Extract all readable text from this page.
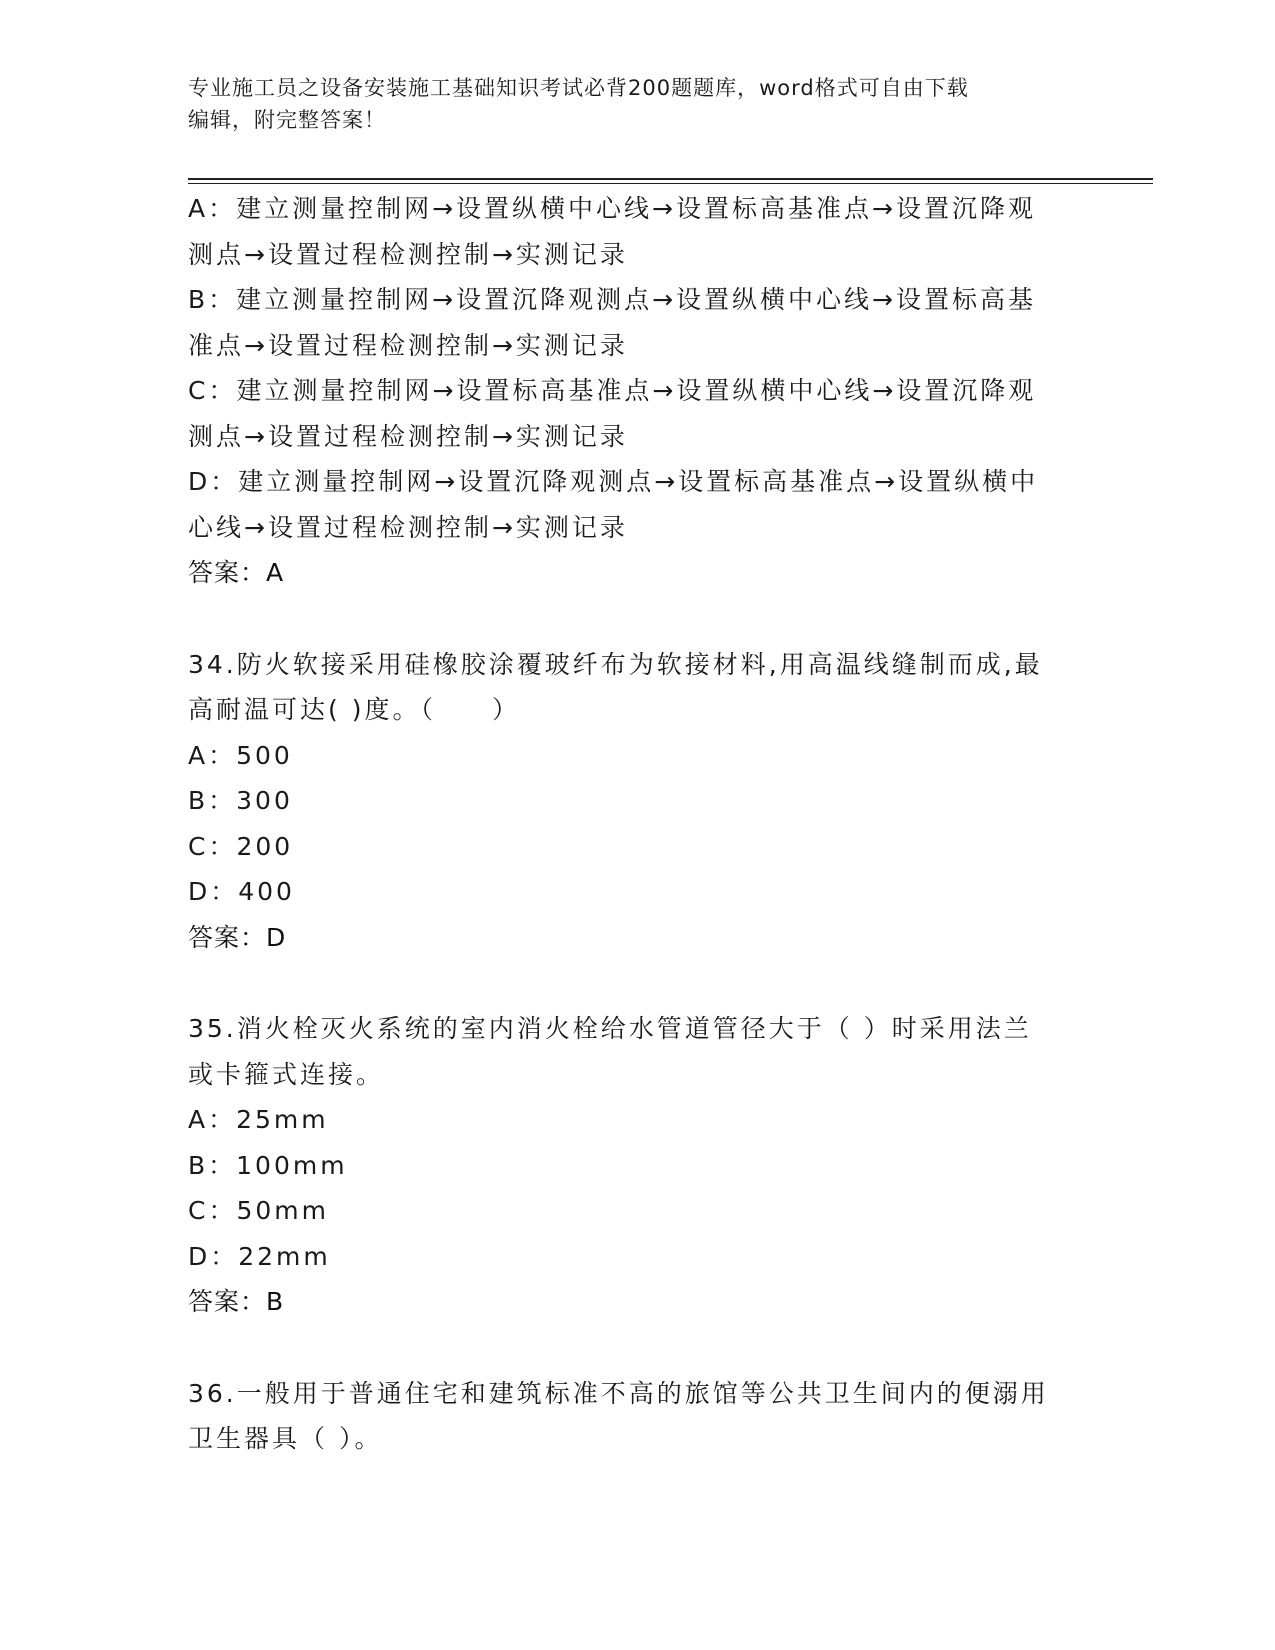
专业施工员之设备安装施工基础知识考试必背200题题库，word格式可自由下载
编辑，附完整答案！
A：建立测量控制网→设置纵横中心线→设置标高基准点→设置沉降观
测点→设置过程检测控制→实测记录
B：建立测量控制网→设置沉降观测点→设置纵横中心线→设置标高基
准点→设置过程检测控制→实测记录
C：建立测量控制网→设置标高基准点→设置纵横中心线→设置沉降观
测点→设置过程检测控制→实测记录
D：建立测量控制网→设置沉降观测点→设置标高基准点→设置纵横中
心线→设置过程检测控制→实测记录
答案：A
34.防火软接采用硅橡胶涂覆玻纤布为软接材料,用高温线缝制而成,最
高耐温可达( )度。（　　）
A：500
B：300
C：200
D：400
答案：D
35.消火栓灭火系统的室内消火栓给水管道管径大于（ ）时采用法兰
或卡箍式连接。
A：25mm
B：100mm
C：50mm
D：22mm
答案：B
36.一般用于普通住宅和建筑标准不高的旅馆等公共卫生间内的便溺用
卫生器具（ ）。
